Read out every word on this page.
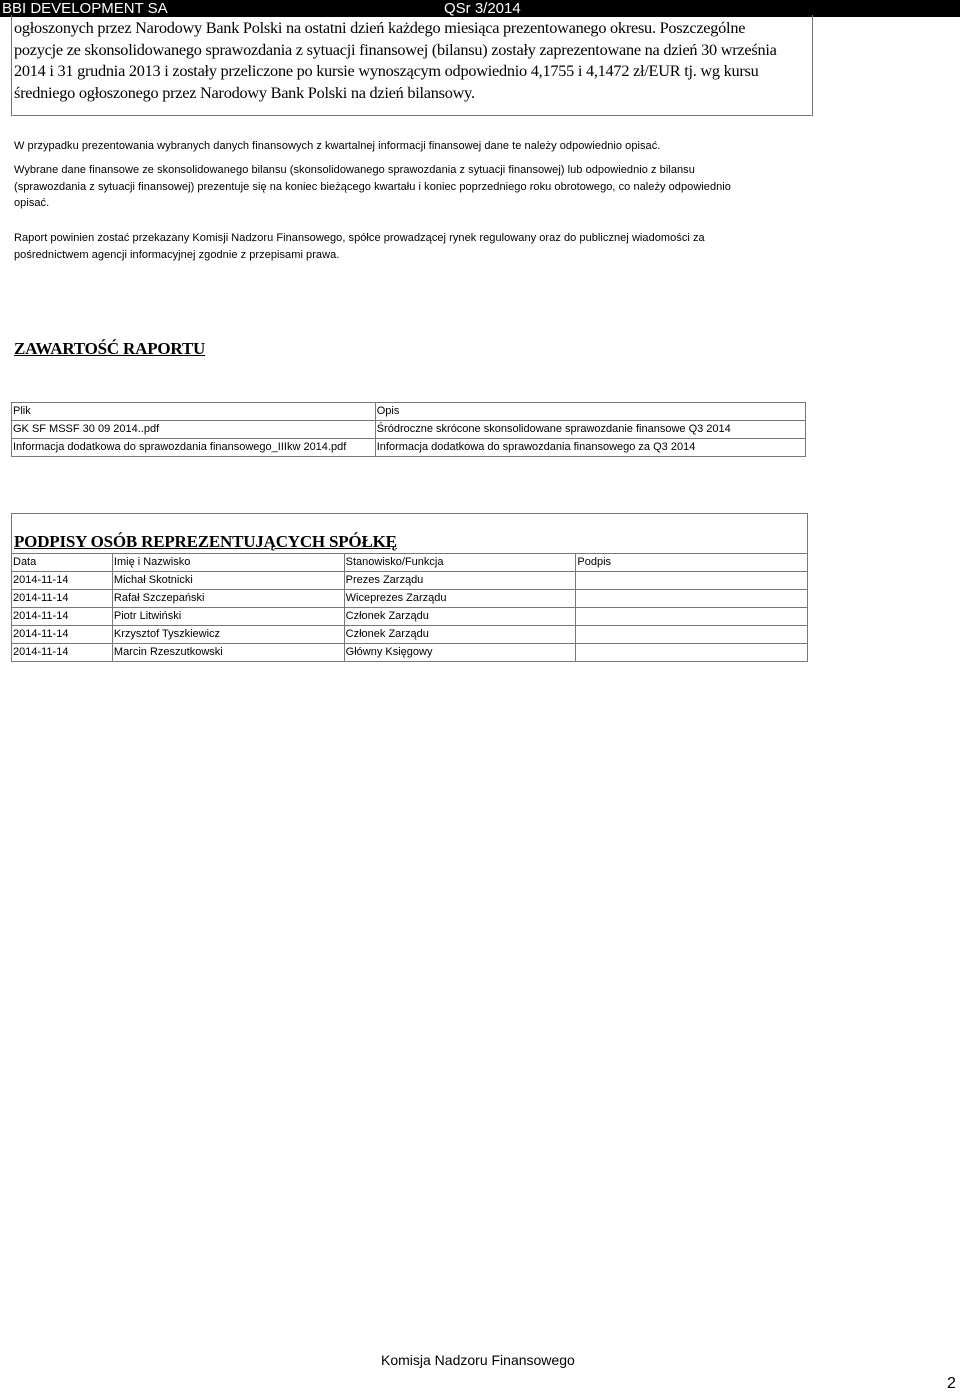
BBI DEVELOPMENT SA	QSr 3/2014
ogłoszonych przez Narodowy Bank Polski na ostatni dzień każdego miesiąca prezentowanego okresu. Poszczególne
pozycje ze skonsolidowanego sprawozdania z sytuacji finansowej (bilansu) zostały zaprezentowane na dzień 30 września
2014 i 31 grudnia 2013 i zostały przeliczone po kursie wynoszącym odpowiednio 4,1755 i 4,1472 zł/EUR tj. wg kursu
średniego ogłoszonego przez Narodowy Bank Polski na dzień bilansowy.
W przypadku prezentowania wybranych danych finansowych z kwartalnej informacji finansowej dane te należy odpowiednio opisać.
Wybrane dane finansowe ze skonsolidowanego bilansu (skonsolidowanego sprawozdania z sytuacji finansowej) lub odpowiednio z bilansu
(sprawozdania z sytuacji finansowej) prezentuje się na koniec bieżącego kwartału i koniec poprzedniego roku obrotowego, co należy odpowiednio
opisać.
Raport powinien zostać przekazany Komisji Nadzoru Finansowego, spółce prowadzącej rynek regulowany oraz do publicznej wiadomości za
pośrednictwem agencji informacyjnej zgodnie z przepisami prawa.
ZAWARTOŚĆ RAPORTU
Plik	Opis
GK SF MSSF 30 09 2014..pdf	Śródroczne skrócone skonsolidowane sprawozdanie finansowe Q3 2014
Informacja dodatkowa do sprawozdania finansowego_IIIkw 2014.pdf	Informacja dodatkowa do sprawozdania finansowego za Q3 2014
PODPISY OSÓB REPREZENTUJĄCYCH SPÓŁKĘ
Data	Imię i Nazwisko	Stanowisko/Funkcja	Podpis
2014-11-14	Michał Skotnicki	Prezes Zarządu	
2014-11-14	Rafał Szczepański	Wiceprezes Zarządu	
2014-11-14	Piotr Litwiński	Członek Zarządu	
2014-11-14	Krzysztof Tyszkiewicz	Członek Zarządu	
2014-11-14	Marcin Rzeszutkowski	Główny Księgowy	
Komisja Nadzoru Finansowego
2
